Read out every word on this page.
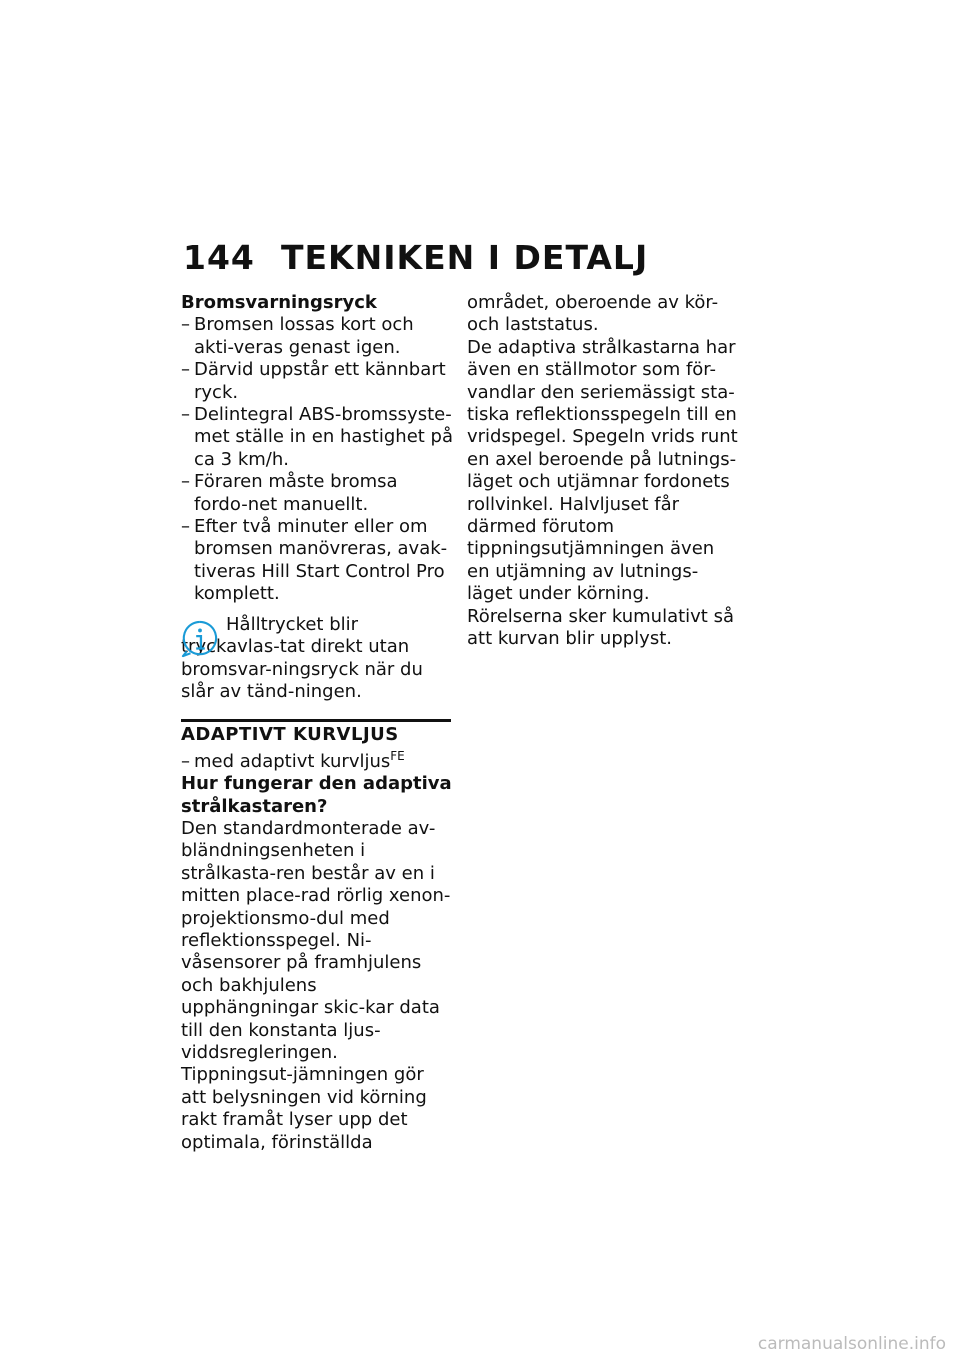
144 TEKNIKEN I DETALJ

Bromsvarningsryck

– Bromsen lossas kort och akti-veras genast igen.
– Därvid uppstår ett kännbart ryck.
– Delintegral ABS-bromssyste-met ställe in en hastighet på ca 3 km/h.
– Föraren måste bromsa fordo-net manuellt.
– Efter två minuter eller om bromsen manövreras, avak-tiveras Hill Start Control Pro komplett.
Hålltrycket blir tryckavlas-tat direkt utan bromsvar-ningsryck när du slår av tänd-ningen.
ADAPTIVT KURVLJUS
– med adaptivt kurvljus$^{FE}$

Hur fungerar den adaptiva strålkastaren?

Den standardmonterade av-bländningsenheten i strålkasta-ren består av en i mitten place-rad rörlig xenon-projektionsmo-dul med reflektionsspegel. Ni-våsensorer på framhjulens och bakhjulens upphängningar skic-kar data till den konstanta ljus-viddsregleringen. Tippningsut-jämningen gör att belysningen vid körning rakt framåt lyser upp det optimala, förinställda

området, oberoende av kör- och laststatus.

De adaptiva strålkastarna har även en ställmotor som för-vandlar den seriemässigt sta-tiska reflektionsspegeln till en vridspegel. Spegeln vrids runt en axel beroende på lutnings-läget och utjämnar fordonets rollvinkel. Halvljuset får därmed förutom tippningsutjämningen även en utjämning av lutnings-läget under körning. Rörelserna sker kumulativt så att kurvan blir upplyst.

carmanualsonline.info
